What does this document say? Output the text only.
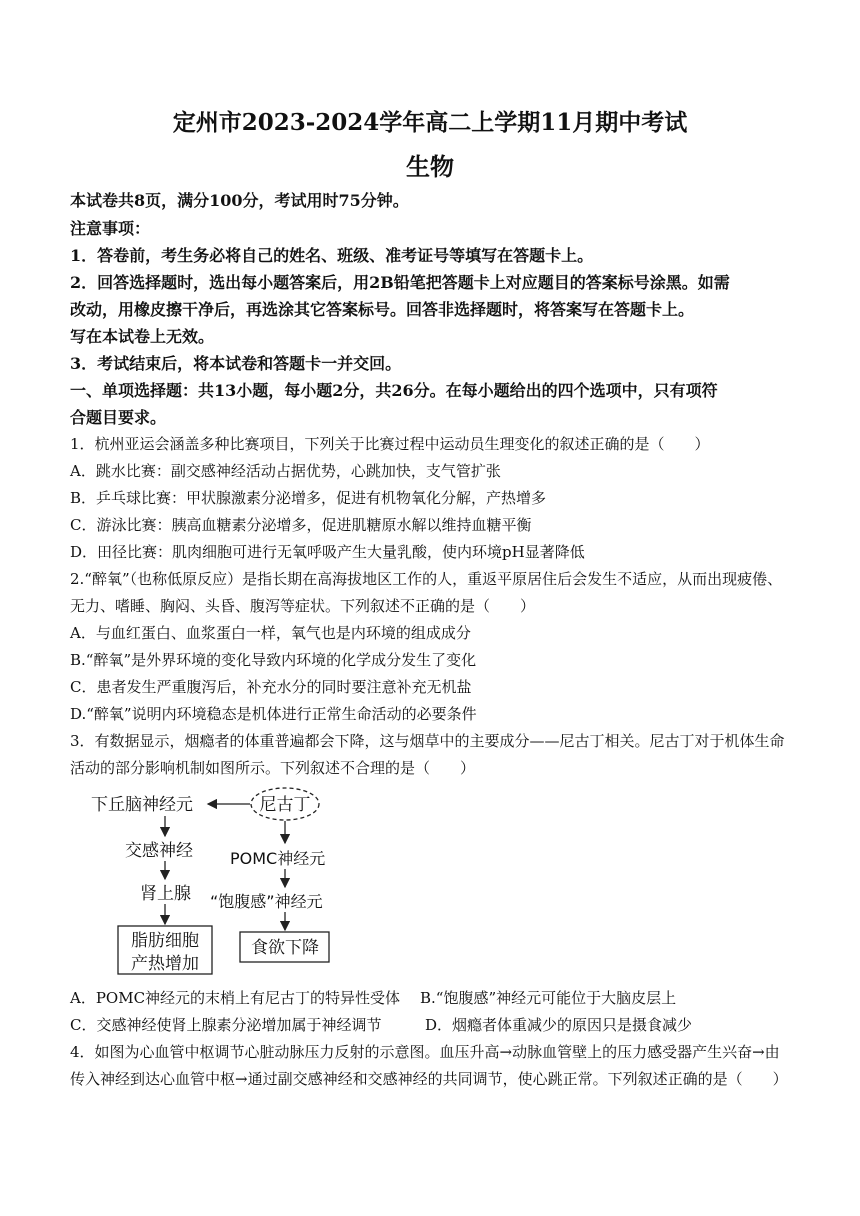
定州市2023-2024学年高二上学期11月期中考试
生物
本试卷共8页，满分100分，考试用时75分钟。
注意事项：
1．答卷前，考生务必将自己的姓名、班级、准考证号等填写在答题卡上。
2．回答选择题时，选出每小题答案后，用2B铅笔把答题卡上对应题目的答案标号涂黑。如需
改动，用橡皮擦干净后，再选涂其它答案标号。回答非选择题时，将答案写在答题卡上。
写在本试卷上无效。
3．考试结束后，将本试卷和答题卡一并交回。
一、单项选择题：共13小题，每小题2分，共26分。在每小题给出的四个选项中，只有项符
合题目要求。
1．杭州亚运会涵盖多种比赛项目，下列关于比赛过程中运动员生理变化的叙述正确的是（　　）
A．跳水比赛：副交感神经活动占据优势，心跳加快，支气管扩张
B．乒乓球比赛：甲状腺激素分泌增多，促进有机物氧化分解，产热增多
C．游泳比赛：胰高血糖素分泌增多，促进肌糖原水解以维持血糖平衡
D．田径比赛：肌肉细胞可进行无氧呼吸产生大量乳酸，使内环境pH显著降低
2.“醉氧”（也称低原反应）是指长期在高海拔地区工作的人，重返平原居住后会发生不适应，从而出现疲倦、
无力、嗜睡、胸闷、头昏、腹泻等症状。下列叙述不正确的是（　　）
A．与血红蛋白、血浆蛋白一样，氧气也是内环境的组成成分
B.“醉氧”是外界环境的变化导致内环境的化学成分发生了变化
C．患者发生严重腹泻后，补充水分的同时要注意补充无机盐
D.“醉氧”说明内环境稳态是机体进行正常生命活动的必要条件
3．有数据显示，烟瘾者的体重普遍都会下降，这与烟草中的主要成分——尼古丁相关。尼古丁对于机体生命
活动的部分影响机制如图所示。下列叙述不合理的是（　　）
下丘脑神经元	尼古丁
交感神经 POMC神经元
肾上腺 “饱腹感”神经元
脂肪细胞
产热增加
食欲下降
A．POMC神经元的末梢上有尼古丁的特异性受体 B.“饱腹感”神经元可能位于大脑皮层上
C．交感神经使肾上腺素分泌增加属于神经调节	D．烟瘾者体重减少的原因只是摄食减少
4．如图为心血管中枢调节心脏动脉压力反射的示意图。血压升高→动脉血管壁上的压力感受器产生兴奋→由
传入神经到达心血管中枢→通过副交感神经和交感神经的共同调节，使心跳正常。下列叙述正确的是（　　）
